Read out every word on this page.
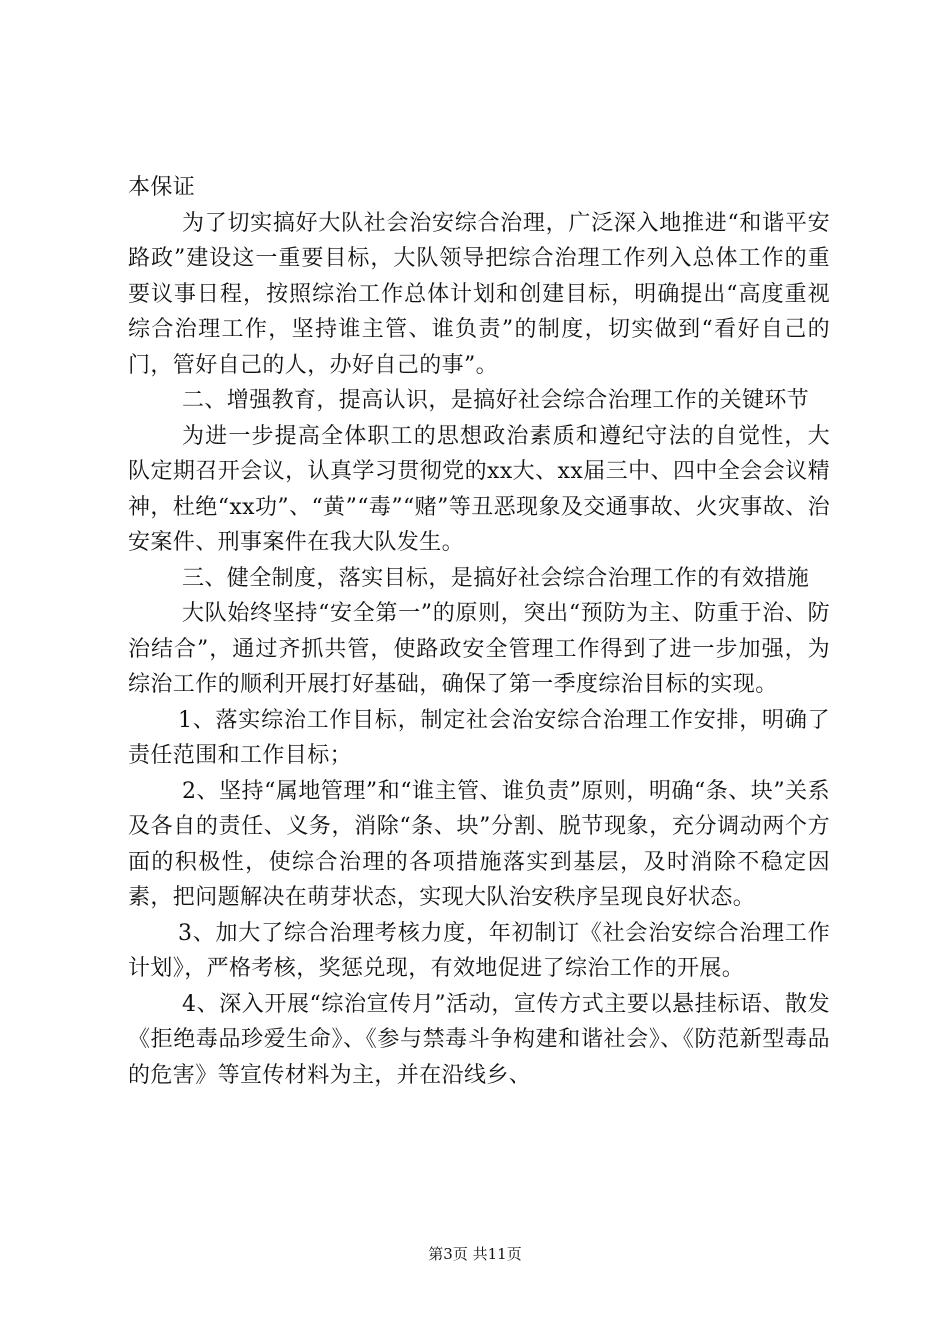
本保证

为了切实搞好大队社会治安综合治理，广泛深入地推进“和谐平安路政”建设这一重要目标，大队领导把综合治理工作列入总体工作的重要议事日程，按照综治工作总体计划和创建目标，明确提出“高度重视综合治理工作，坚持谁主管、谁负责”的制度，切实做到“看好自己的门，管好自己的人，办好自己的事”。

二、增强教育，提高认识，是搞好社会综合治理工作的关键环节

为进一步提高全体职工的思想政治素质和遵纪守法的自觉性，大队定期召开会议，认真学习贯彻党的xx大、xx届三中、四中全会会议精神，杜绝“xx功”、“黄”“毒”“赌”等丑恶现象及交通事故、火灾事故、治安案件、刑事案件在我大队发生。

三、健全制度，落实目标，是搞好社会综合治理工作的有效措施

大队始终坚持“安全第一”的原则，突出“预防为主、防重于治、防治结合”，通过齐抓共管，使路政安全管理工作得到了进一步加强，为综治工作的顺利开展打好基础，确保了第一季度综治目标的实现。

1、落实综治工作目标，制定社会治安综合治理工作安排，明确了责任范围和工作目标；

2、坚持“属地管理”和“谁主管、谁负责”原则，明确“条、块”关系及各自的责任、义务，消除“条、块”分割、脱节现象，充分调动两个方面的积极性，使综合治理的各项措施落实到基层，及时消除不稳定因素，把问题解决在萌芽状态，实现大队治安秩序呈现良好状态。

3、加大了综合治理考核力度，年初制订《社会治安综合治理工作计划》，严格考核，奖惩兑现，有效地促进了综治工作的开展。

4、深入开展“综治宣传月”活动，宣传方式主要以悬挂标语、散发《拒绝毒品珍爱生命》、《参与禁毒斗争构建和谐社会》、《防范新型毒品的危害》等宣传材料为主，并在沿线乡、

第3页 共11页
